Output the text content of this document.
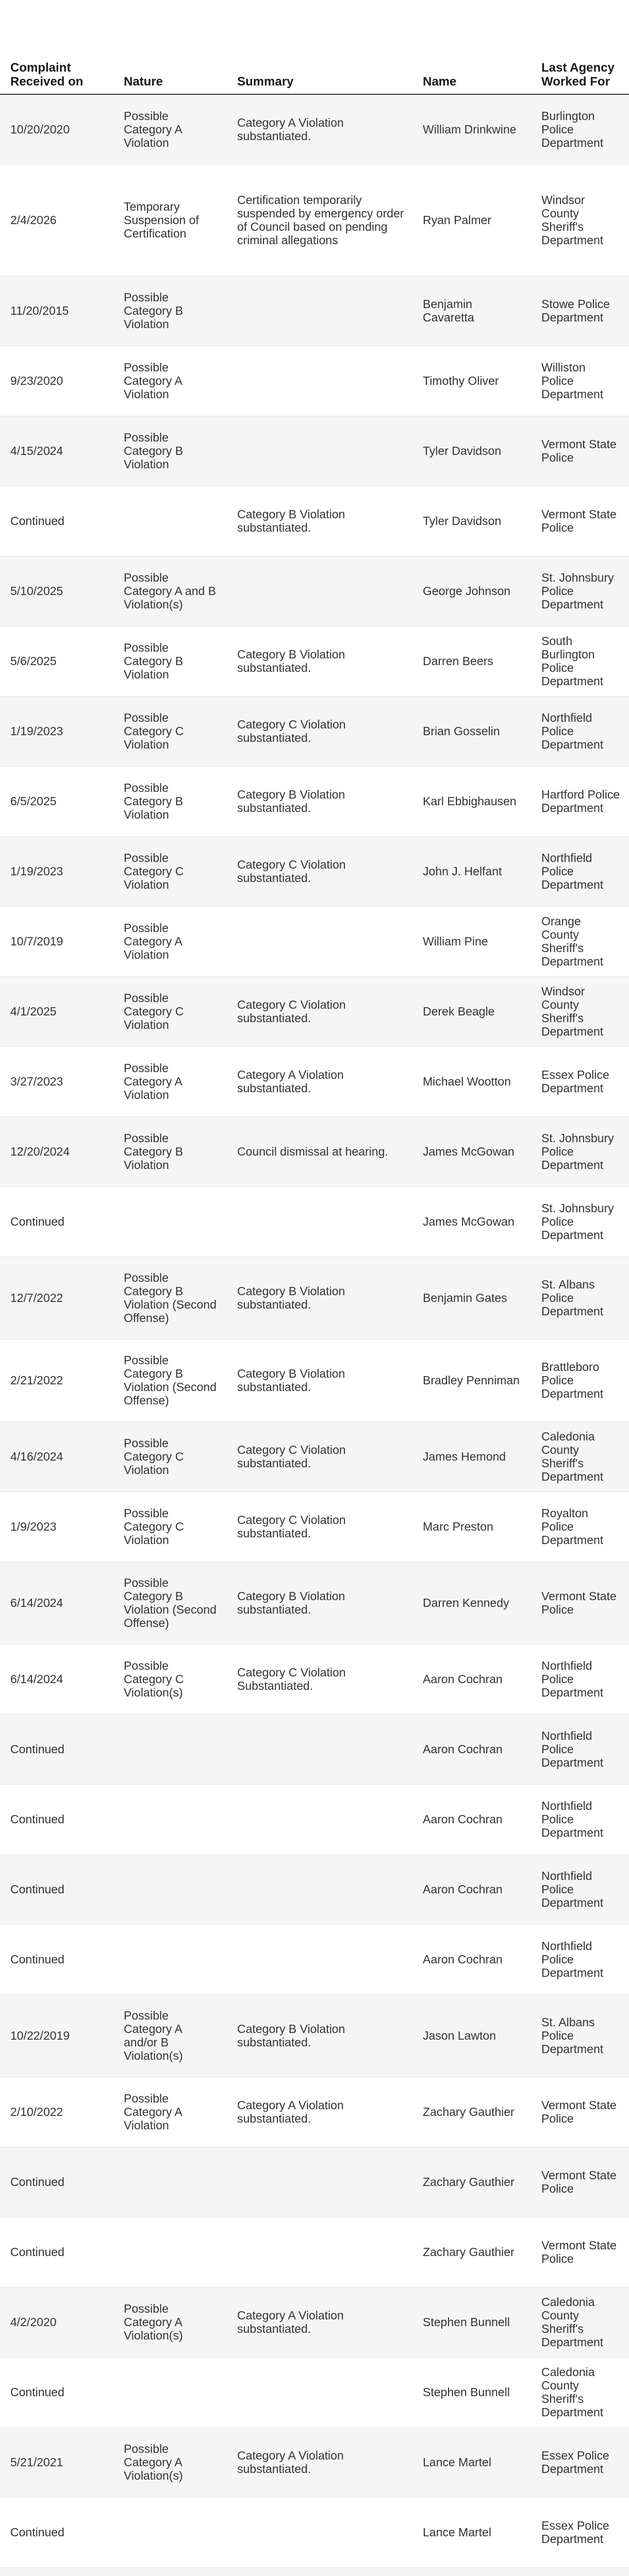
Complaint Received on	Nature	Summary	Name	Last Agency Worked For
10/20/2020	Possible Category A Violation	Category A Violation substantiated.	William Drinkwine	Burlington Police Department
2/4/2026	Temporary Suspension of Certification	Certification temporarily suspended by emergency order of Council based on pending criminal allegations	Ryan Palmer	Windsor County Sheriff's Department
11/20/2015	Possible Category B Violation		Benjamin Cavaretta	Stowe Police Department
9/23/2020	Possible Category A Violation		Timothy Oliver	Williston Police Department
4/15/2024	Possible Category B Violation		Tyler Davidson	Vermont State Police
Continued		Category B Violation substantiated.	Tyler Davidson	Vermont State Police
5/10/2025	Possible Category A and B Violation(s)		George Johnson	St. Johnsbury Police Department
5/6/2025	Possible Category B Violation	Category B Violation substantiated.	Darren Beers	South Burlington Police Department
1/19/2023	Possible Category C Violation	Category C Violation substantiated.	Brian Gosselin	Northfield Police Department
6/5/2025	Possible Category B Violation	Category B Violation substantiated.	Karl Ebbighausen	Hartford Police Department
1/19/2023	Possible Category C Violation	Category C Violation substantiated.	John J. Helfant	Northfield Police Department
10/7/2019	Possible Category A Violation		William Pine	Orange County Sheriff's Department
4/1/2025	Possible Category C Violation	Category C Violation substantiated.	Derek Beagle	Windsor County Sheriff's Department
3/27/2023	Possible Category A Violation	Category A Violation substantiated.	Michael Wootton	Essex Police Department
12/20/2024	Possible Category B Violation	Council dismissal at hearing.	James McGowan	St. Johnsbury Police Department
Continued			James McGowan	St. Johnsbury Police Department
12/7/2022	Possible Category B Violation (Second Offense)	Category B Violation substantiated.	Benjamin Gates	St. Albans Police Department
2/21/2022	Possible Category B Violation (Second Offense)	Category B Violation substantiated.	Bradley Penniman	Brattleboro Police Department
4/16/2024	Possible Category C Violation	Category C Violation substantiated.	James Hemond	Caledonia County Sheriff's Department
1/9/2023	Possible Category C Violation	Category C Violation substantiated.	Marc Preston	Royalton Police Department
6/14/2024	Possible Category B Violation (Second Offense)	Category B Violation substantiated.	Darren Kennedy	Vermont State Police
6/14/2024	Possible Category C Violation(s)	Category C Violation Substantiated.	Aaron Cochran	Northfield Police Department
Continued			Aaron Cochran	Northfield Police Department
Continued			Aaron Cochran	Northfield Police Department
Continued			Aaron Cochran	Northfield Police Department
Continued			Aaron Cochran	Northfield Police Department
10/22/2019	Possible Category A and/or B Violation(s)	Category B Violation substantiated.	Jason Lawton	St. Albans Police Department
2/10/2022	Possible Category A Violation	Category A Violation substantiated.	Zachary Gauthier	Vermont State Police
Continued			Zachary Gauthier	Vermont State Police
Continued			Zachary Gauthier	Vermont State Police
4/2/2020	Possible Category A Violation(s)	Category A Violation substantiated.	Stephen Bunnell	Caledonia County Sheriff's Department
Continued			Stephen Bunnell	Caledonia County Sheriff's Department
5/21/2021	Possible Category A Violation(s)	Category A Violation substantiated.	Lance Martel	Essex Police Department
Continued			Lance Martel	Essex Police Department
